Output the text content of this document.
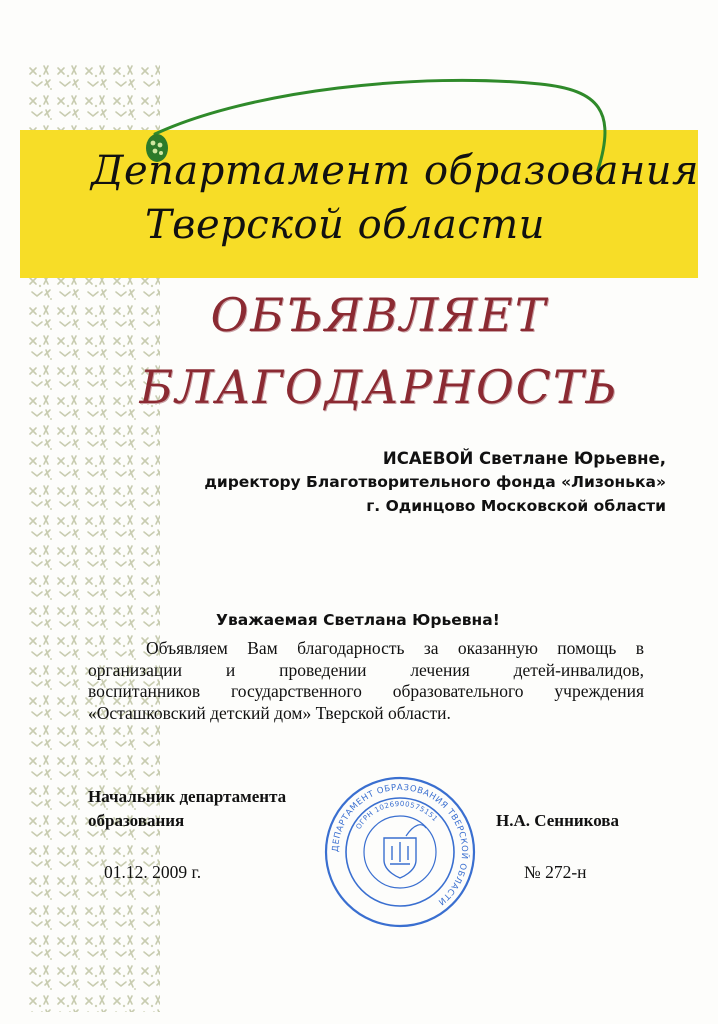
Департамент образования
Тверской области
ОБЪЯВЛЯЕТ
БЛАГОДАРНОСТЬ
ИСАЕВОЙ Светлане Юрьевне,
директору Благотворительного фонда «Лизонька»
г. Одинцово Московской области
Уважаемая Светлана Юрьевна!
Объявляем Вам благодарность за оказанную помощь в
организации и проведении лечения детей-инвалидов,
воспитанников государственного образовательного учреждения
«Осташковский детский дом» Тверской области.
Начальник департамента
образования	Н.А. Сенникова
ДЕПАРТАМЕНТ ОБРАЗОВАНИЯ ТВЕРСКОЙ ОБЛАСТИ
ОГРН 1026900575151
01.12. 2009 г.	№ 272-н
